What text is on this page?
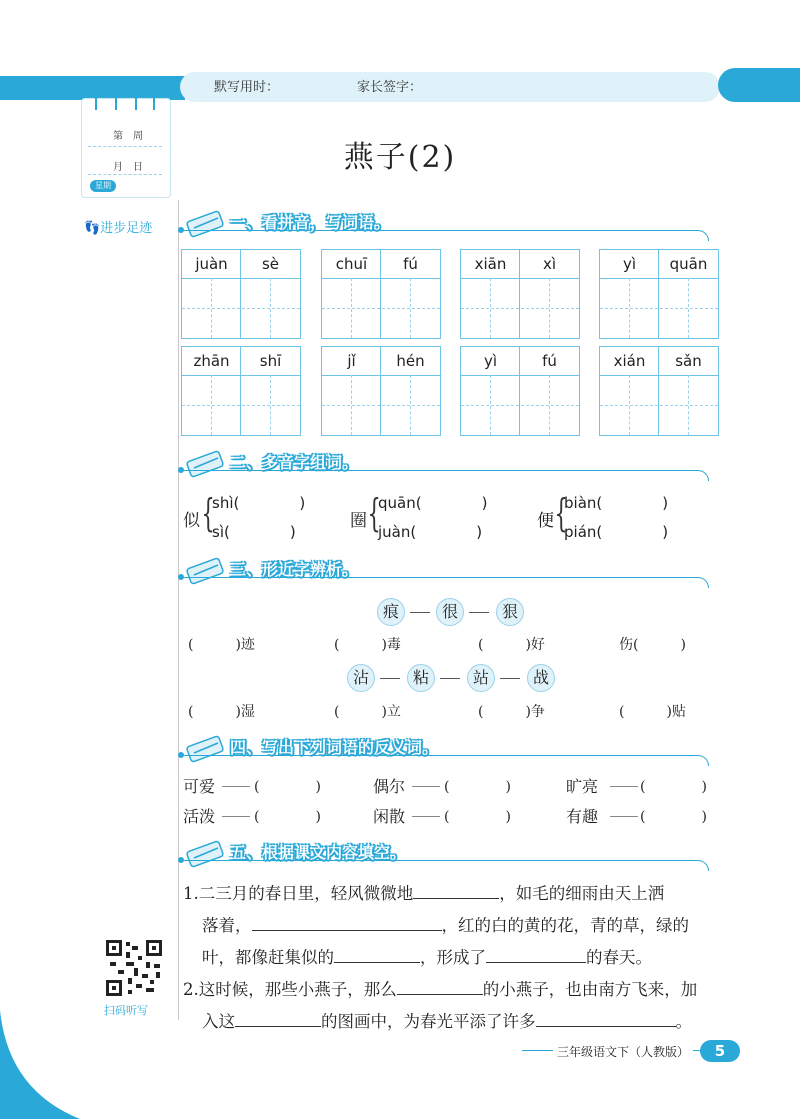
默写用时：	家长签字：
第　周
月　日
星期
👣进步足迹
燕子(2)
一、看拼音，写词语。
juàn	sè	chuī	fú	xiān	xì	yì	quān
zhān	shī	jǐ	hén	yì	fú	xián	sǎn
二、多音字组词。
似 {
shì(　　　　)
sì(　　　　)
圈 {
quān(　　　　)
juàn(　　　　)
便 {
biàn(　　　　)
pián(　　　　)
三、形近字辨析。
痕	很	狠
(　　　)迹	(　　　)毒	(　　　)好	伤(　　　)
沾	粘	站	战
(　　　)湿	(　　　)立	(　　　)争	(　　　)贴
四、写出下列词语的反义词。
可爱	(　　　　)	偶尔	(　　　　)	旷亮	(　　　　)
活泼	(　　　　)	闲散	(　　　　)	有趣	(　　　　)
五、根据课文内容填空。
1.二三月的春日里，轻风微微地	，如毛的细雨由天上洒
落着，	，红的白的黄的花，青的草，绿的
叶，都像赶集似的	，形成了	的春天。
2.这时候，那些小燕子，那么	的小燕子，也由南方飞来，加
入这	的图画中，为春光平添了许多	。
扫码听写
三年级语文下（人教版）	5
